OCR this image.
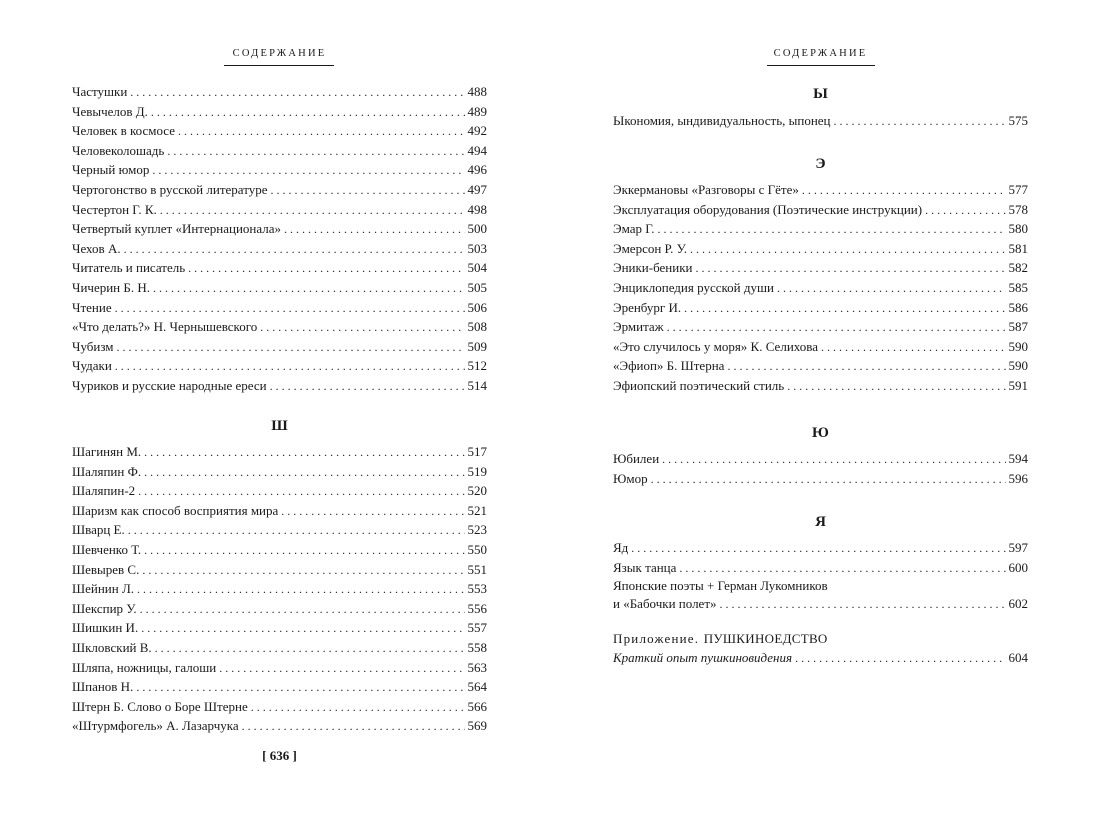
СОДЕРЖАНИЕ
Частушки . . .	488
Чевычелов Д. . . .	489
Человек в космосе . . .	492
Человеколошадь . . .	494
Черный юмор . . .	496
Чертогонство в русской литературе . . .	497
Честертон Г. К. . . .	498
Четвертый куплет «Интернационала» . . .	500
Чехов А. . . .	503
Читатель и писатель . . .	504
Чичерин Б. Н. . . .	505
Чтение . . .	506
«Что делать?» Н. Чернышевского . . .	508
Чубизм . . .	509
Чудаки . . .	512
Чуриков и русские народные ереси . . .	514
Ш
Шагинян М. . . .	517
Шаляпин Ф. . . .	519
Шаляпин-2 . . .	520
Шаризм как способ восприятия мира . . .	521
Шварц Е. . . .	523
Шевченко Т. . . .	550
Шевырев С. . . .	551
Шейнин Л. . . .	553
Шекспир У. . . .	556
Шишкин И. . . .	557
Шкловский В. . . .	558
Шляпа, ножницы, галоши . . .	563
Шпанов Н. . . .	564
Штерн Б. Слово о Боре Штерне . . .	566
«Штурмфогель» А. Лазарчука . . .	569
[ 636 ]
СОДЕРЖАНИЕ
Ы
Ыкономия, ындивидуальность, ыпонец . . .	575
Э
Эккермановы «Разговоры с Гёте» . . .	577
Эксплуатация оборудования (Поэтические инструкции) . . .	578
Эмар Г. . . .	580
Эмерсон Р. У. . . .	581
Эники-беники . . .	582
Энциклопедия русской души . . .	585
Эренбург И. . . .	586
Эрмитаж . . .	587
«Это случилось у моря» К. Селихова . . .	590
«Эфиоп» Б. Штерна . . .	590
Эфиопский поэтический стиль . . .	591
Ю
Юбилеи . . .	594
Юмор . . .	596
Я
Яд . . .	597
Язык танца . . .	600
Японские поэты + Герман Лукомников
и «Бабочки полет» . . .	602
Приложение. ПУШКИНОЕДСТВО
Краткий опыт пушкиновидения . . .	604
